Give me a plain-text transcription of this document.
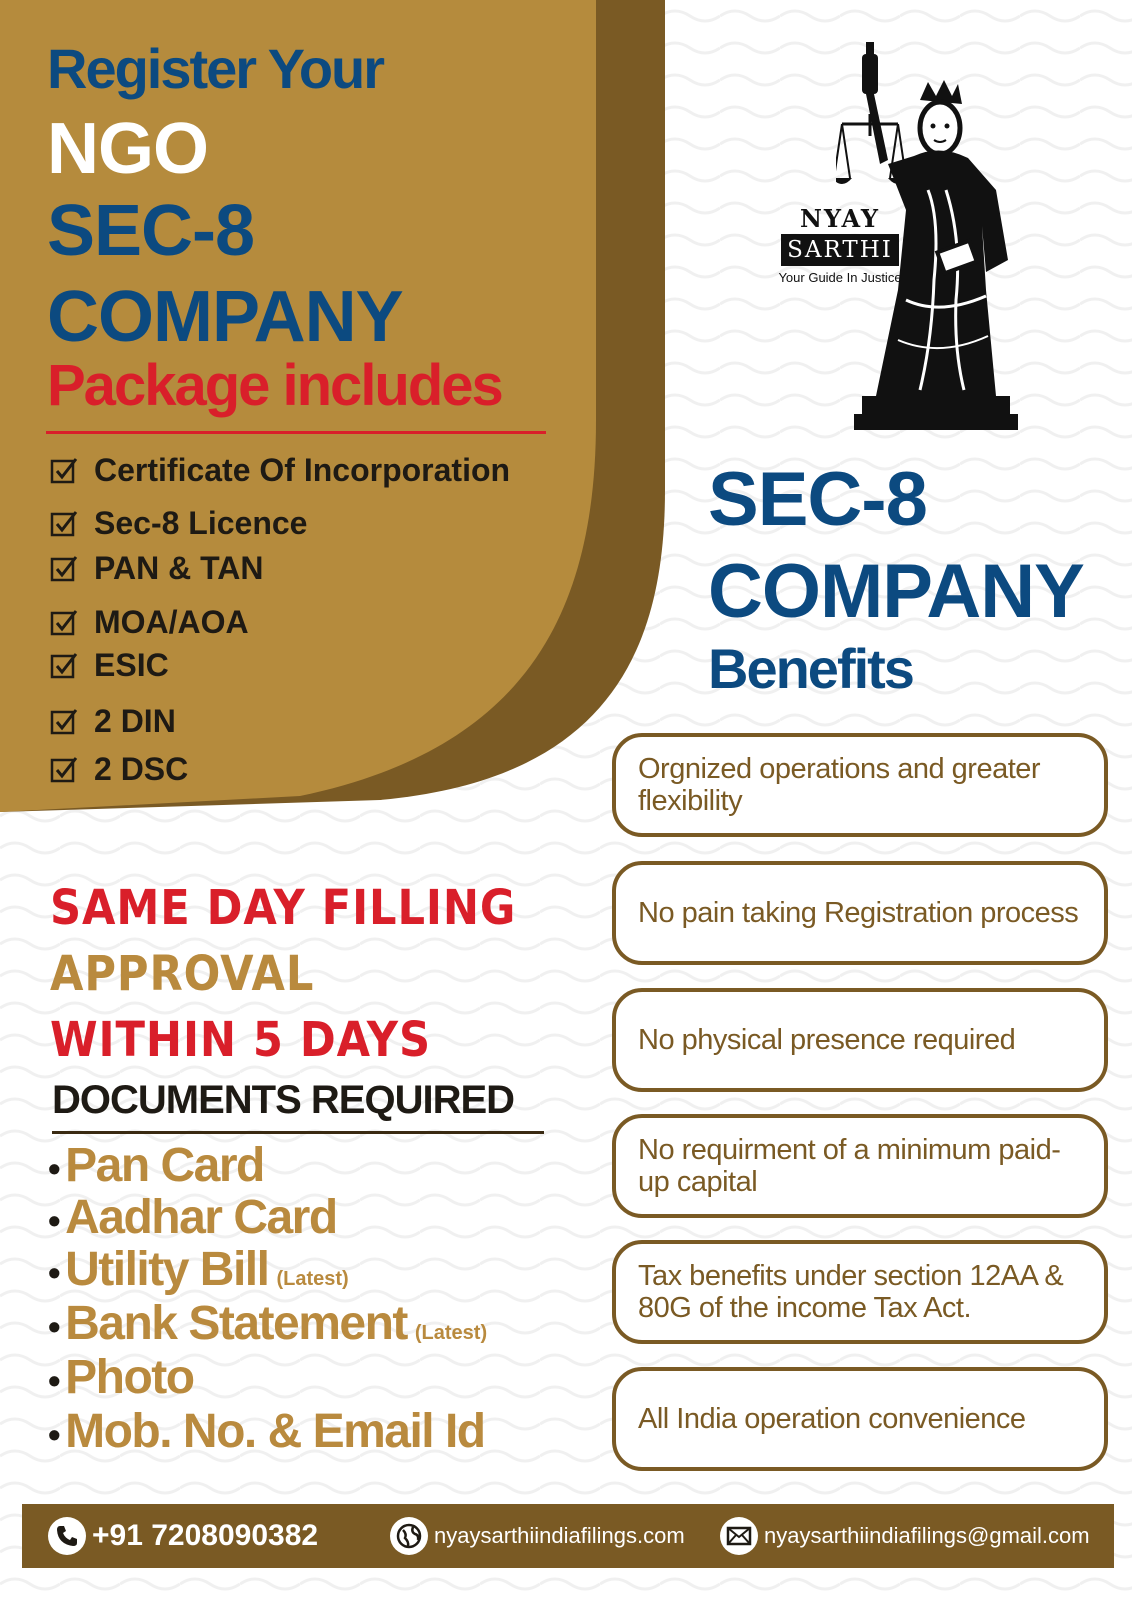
Register Your
NGO
SEC-8
COMPANY
Package includes
Certificate Of Incorporation
Sec-8 Licence
PAN & TAN
MOA/AOA
ESIC
2 DIN
2 DSC
NYAY
SARTHI
Your Guide In Justice
SEC-8
COMPANY
Benefits
Orgnized operations and greater flexibility
No pain taking Registration process
No physical presence required
No requirment of a minimum paid-up capital
Tax benefits under section 12AA & 80G of the income Tax Act.
All India operation convenience
SAME DAY FILLING
APPROVAL
WITHIN 5 DAYS
DOCUMENTS REQUIRED
• Pan Card
• Aadhar Card
• Utility Bill (Latest)
• Bank Statement (Latest)
• Photo
• Mob. No. & Email Id
+91 7208090382	nyaysarthiindiafilings.com	nyaysarthiindiafilings@gmail.com
